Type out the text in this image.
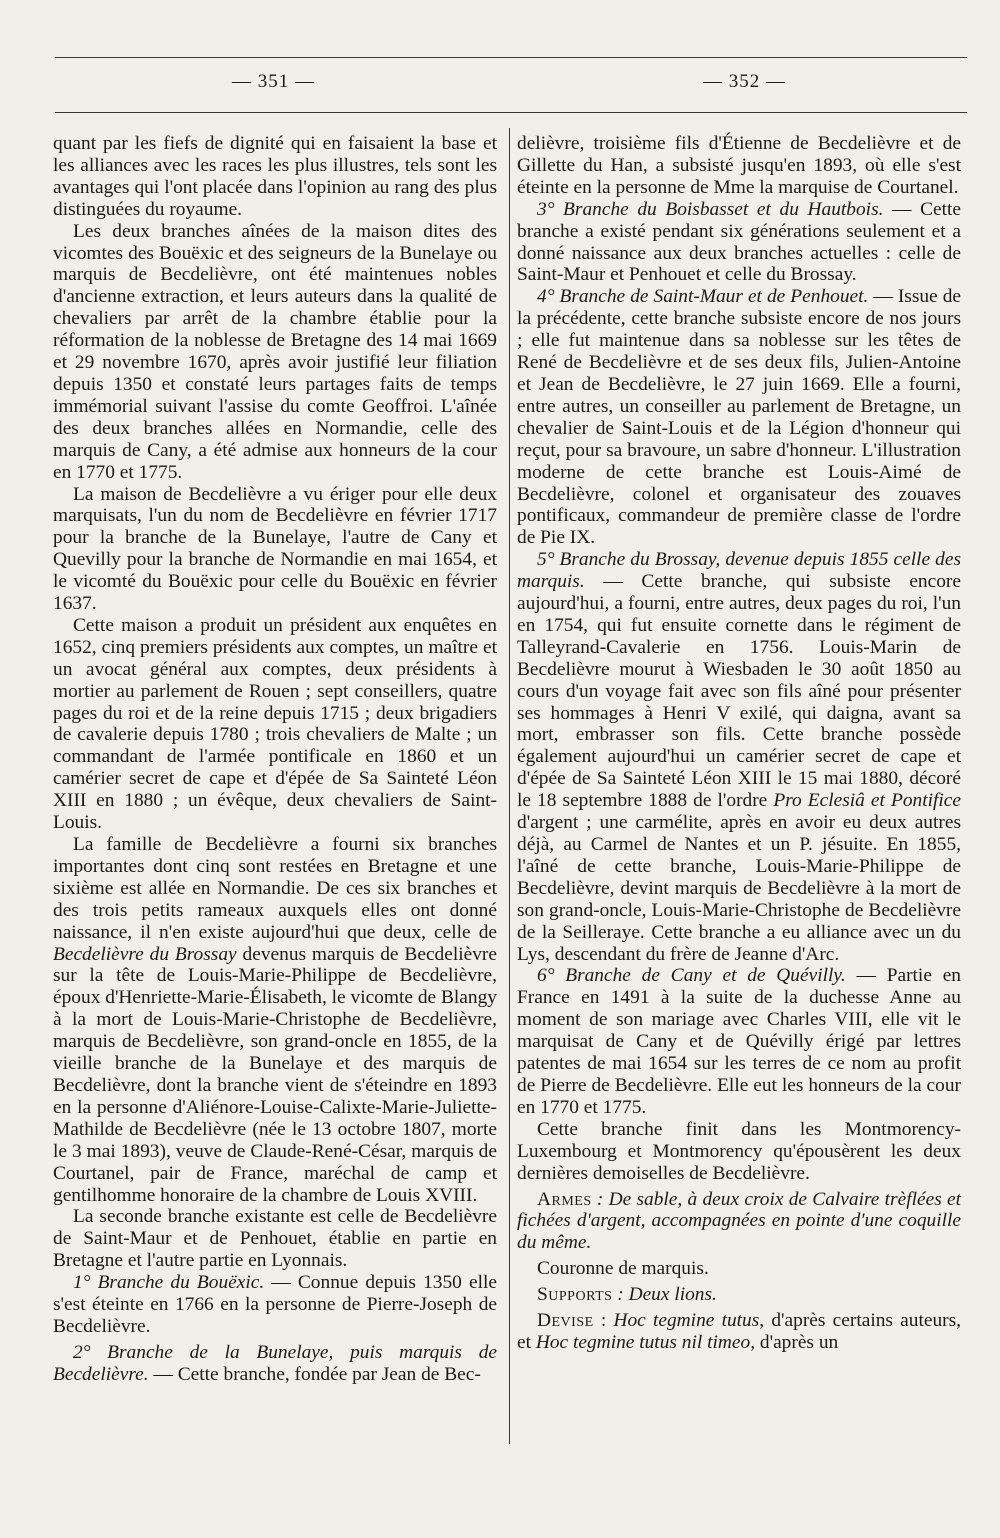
— 351 —	— 352 —

quant par les fiefs de dignité qui en faisaient la base et les alliances avec les races les plus illustres, tels sont les avantages qui l'ont placée dans l'opinion au rang des plus distinguées du royaume.

Les deux branches aînées de la maison dites des vicomtes des Bouëxic et des seigneurs de la Bunelaye ou marquis de Becdelièvre, ont été maintenues nobles d'ancienne extraction, et leurs auteurs dans la qualité de chevaliers par arrêt de la chambre établie pour la réformation de la noblesse de Bretagne des 14 mai 1669 et 29 novembre 1670, après avoir justifié leur filiation depuis 1350 et constaté leurs partages faits de temps immémorial suivant l'assise du comte Geoffroi. L'aînée des deux branches allées en Normandie, celle des marquis de Cany, a été admise aux honneurs de la cour en 1770 et 1775.

La maison de Becdelièvre a vu ériger pour elle deux marquisats, l'un du nom de Becdelièvre en février 1717 pour la branche de la Bunelaye, l'autre de Cany et Quevilly pour la branche de Normandie en mai 1654, et le vicomté du Bouëxic pour celle du Bouëxic en février 1637.

Cette maison a produit un président aux enquêtes en 1652, cinq premiers présidents aux comptes, un maître et un avocat général aux comptes, deux présidents à mortier au parlement de Rouen ; sept conseillers, quatre pages du roi et de la reine depuis 1715 ; deux brigadiers de cavalerie depuis 1780 ; trois chevaliers de Malte ; un commandant de l'armée pontificale en 1860 et un camérier secret de cape et d'épée de Sa Sainteté Léon XIII en 1880 ; un évêque, deux chevaliers de Saint-Louis.

La famille de Becdelièvre a fourni six branches importantes dont cinq sont restées en Bretagne et une sixième est allée en Normandie. De ces six branches et des trois petits rameaux auxquels elles ont donné naissance, il n'en existe aujourd'hui que deux, celle de Becdelièvre du Brossay devenus marquis de Becdelièvre sur la tête de Louis-Marie-Philippe de Becdelièvre, époux d'Henriette-Marie-Élisabeth, le vicomte de Blangy à la mort de Louis-Marie-Christophe de Becdelièvre, marquis de Becdelièvre, son grand-oncle en 1855, de la vieille branche de la Bunelaye et des marquis de Becdelièvre, dont la branche vient de s'éteindre en 1893 en la personne d'Aliénore-Louise-Calixte-Marie-Juliette-Mathilde de Becdelièvre (née le 13 octobre 1807, morte le 3 mai 1893), veuve de Claude-René-César, marquis de Courtanel, pair de France, maréchal de camp et gentilhomme honoraire de la chambre de Louis XVIII.

La seconde branche existante est celle de Becdelièvre de Saint-Maur et de Penhouet, établie en partie en Bretagne et l'autre partie en Lyonnais.

1° Branche du Bouëxic. — Connue depuis 1350 elle s'est éteinte en 1766 en la personne de Pierre-Joseph de Becdelièvre.

2° Branche de la Bunelaye, puis marquis de Becdelièvre. — Cette branche, fondée par Jean de Bec-

delièvre, troisième fils d'Étienne de Becdelièvre et de Gillette du Han, a subsisté jusqu'en 1893, où elle s'est éteinte en la personne de Mme la marquise de Courtanel.

3° Branche du Boisbasset et du Hautbois. — Cette branche a existé pendant six générations seulement et a donné naissance aux deux branches actuelles : celle de Saint-Maur et Penhouet et celle du Brossay.

4° Branche de Saint-Maur et de Penhouet. — Issue de la précédente, cette branche subsiste encore de nos jours ; elle fut maintenue dans sa noblesse sur les têtes de René de Becdelièvre et de ses deux fils, Julien-Antoine et Jean de Becdelièvre, le 27 juin 1669. Elle a fourni, entre autres, un conseiller au parlement de Bretagne, un chevalier de Saint-Louis et de la Légion d'honneur qui reçut, pour sa bravoure, un sabre d'honneur. L'illustration moderne de cette branche est Louis-Aimé de Becdelièvre, colonel et organisateur des zouaves pontificaux, commandeur de première classe de l'ordre de Pie IX.

5° Branche du Brossay, devenue depuis 1855 celle des marquis. — Cette branche, qui subsiste encore aujourd'hui, a fourni, entre autres, deux pages du roi, l'un en 1754, qui fut ensuite cornette dans le régiment de Talleyrand-Cavalerie en 1756. Louis-Marin de Becdelièvre mourut à Wiesbaden le 30 août 1850 au cours d'un voyage fait avec son fils aîné pour présenter ses hommages à Henri V exilé, qui daigna, avant sa mort, embrasser son fils. Cette branche possède également aujourd'hui un camérier secret de cape et d'épée de Sa Sainteté Léon XIII le 15 mai 1880, décoré le 18 septembre 1888 de l'ordre Pro Eclesiâ et Pontifice d'argent ; une carmélite, après en avoir eu deux autres déjà, au Carmel de Nantes et un P. jésuite. En 1855, l'aîné de cette branche, Louis-Marie-Philippe de Becdelièvre, devint marquis de Becdelièvre à la mort de son grand-oncle, Louis-Marie-Christophe de Becdelièvre de la Seilleraye. Cette branche a eu alliance avec un du Lys, descendant du frère de Jeanne d'Arc.

6° Branche de Cany et de Quévilly. — Partie en France en 1491 à la suite de la duchesse Anne au moment de son mariage avec Charles VIII, elle vit le marquisat de Cany et de Quévilly érigé par lettres patentes de mai 1654 sur les terres de ce nom au profit de Pierre de Becdelièvre. Elle eut les honneurs de la cour en 1770 et 1775.

Cette branche finit dans les Montmorency-Luxembourg et Montmorency qu'épousèrent les deux dernières demoiselles de Becdelièvre.

Armes : De sable, à deux croix de Calvaire trèflées et fichées d'argent, accompagnées en pointe d'une coquille du même.

Couronne de marquis.

Supports : Deux lions.

Devise : Hoc tegmine tutus, d'après certains auteurs, et Hoc tegmine tutus nil timeo, d'après un
